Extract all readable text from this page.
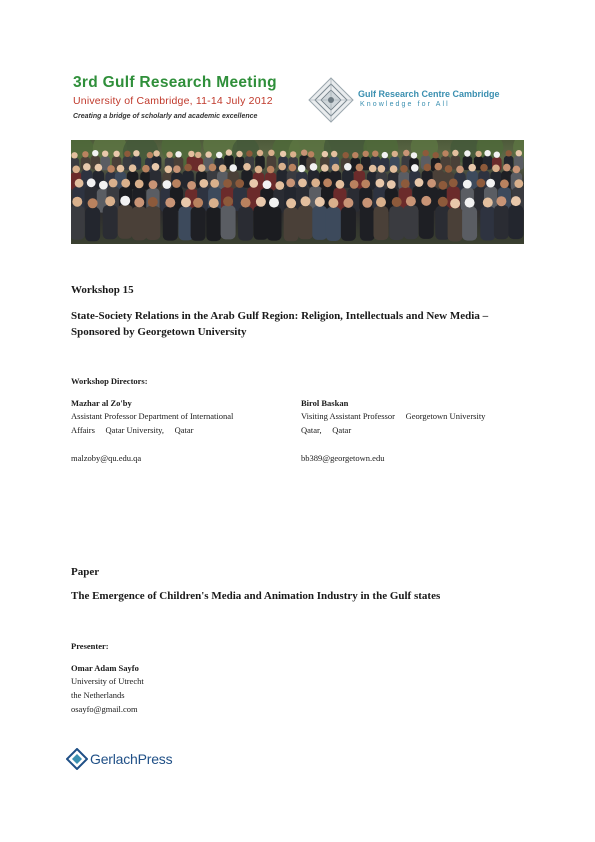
3rd Gulf Research Meeting
University of Cambridge, 11-14 July 2012
Creating a bridge of scholarly and academic excellence
Gulf Research Centre Cambridge
Knowledge for All
Workshop 15
State-Society Relations in the Arab Gulf Region: Religion, Intellectuals and New Media – Sponsored by Georgetown University
Workshop Directors:
Mazhar al Zo'by
Assistant Professor Department of International
Affairs     Qatar University,     Qatar
malzoby@qu.edu.qa
Birol Baskan
Visiting Assistant Professor     Georgetown University
Qatar,     Qatar
bb389@georgetown.edu
Paper
The Emergence of Children's Media and Animation Industry in the Gulf states
Presenter:
Omar Adam Sayfo
University of Utrecht
the Netherlands
osayfo@gmail.com
GerlachPress
